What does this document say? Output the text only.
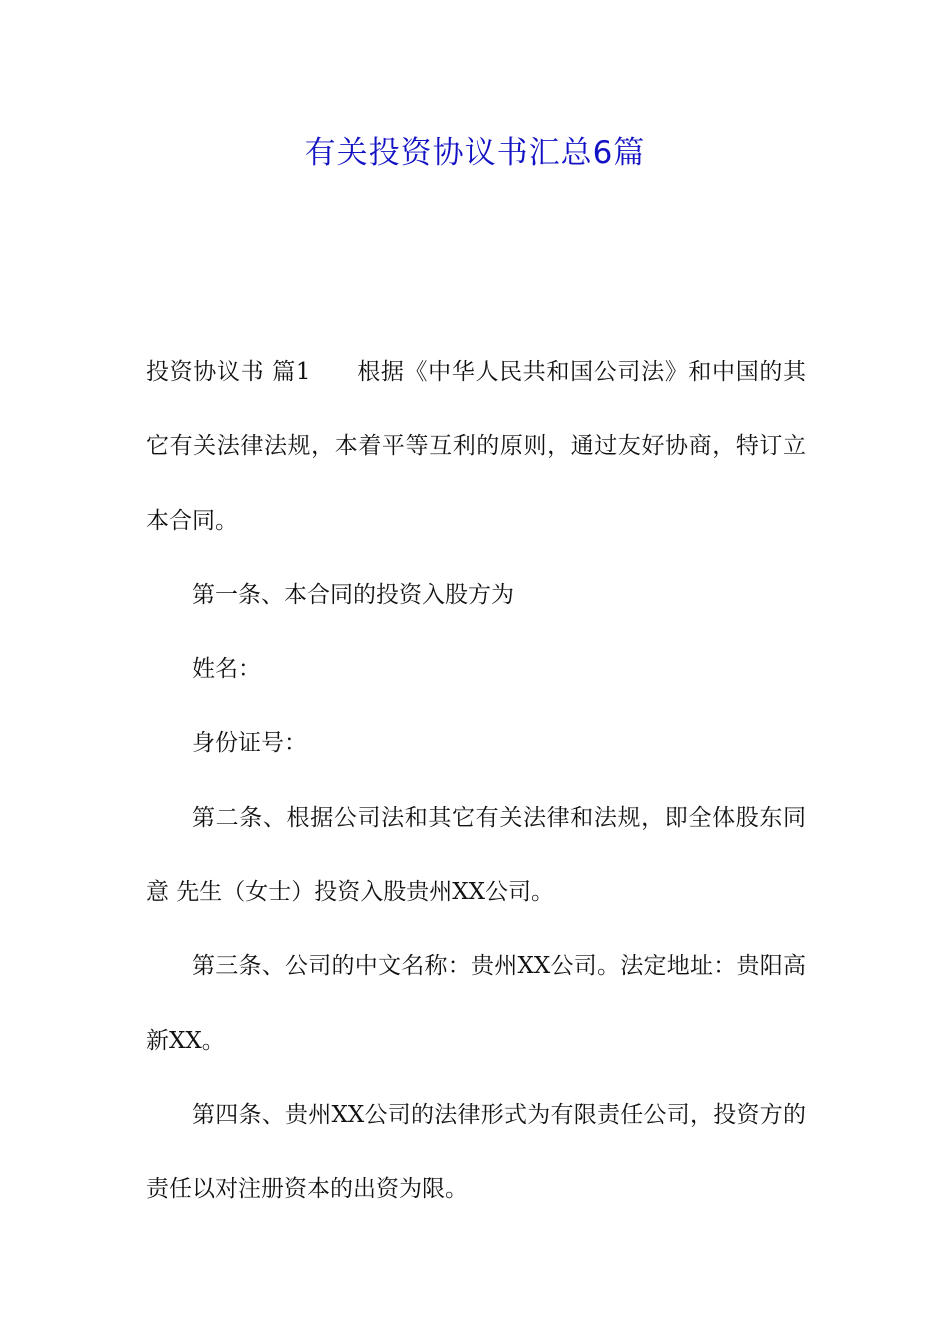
有关投资协议书汇总6篇

投资协议书 篇1 根据《中华人民共和国公司法》和中国的其它有关法律法规，本着平等互利的原则，通过友好协商，特订立本合同。

第一条、本合同的投资入股方为

姓名：

身份证号：

第二条、根据公司法和其它有关法律和法规，即全体股东同意 先生（女士）投资入股贵州XX公司。

第三条、公司的中文名称：贵州XX公司。法定地址：贵阳高新XX。

第四条、贵州XX公司的法律形式为有限责任公司，投资方的责任以对注册资本的出资为限。
